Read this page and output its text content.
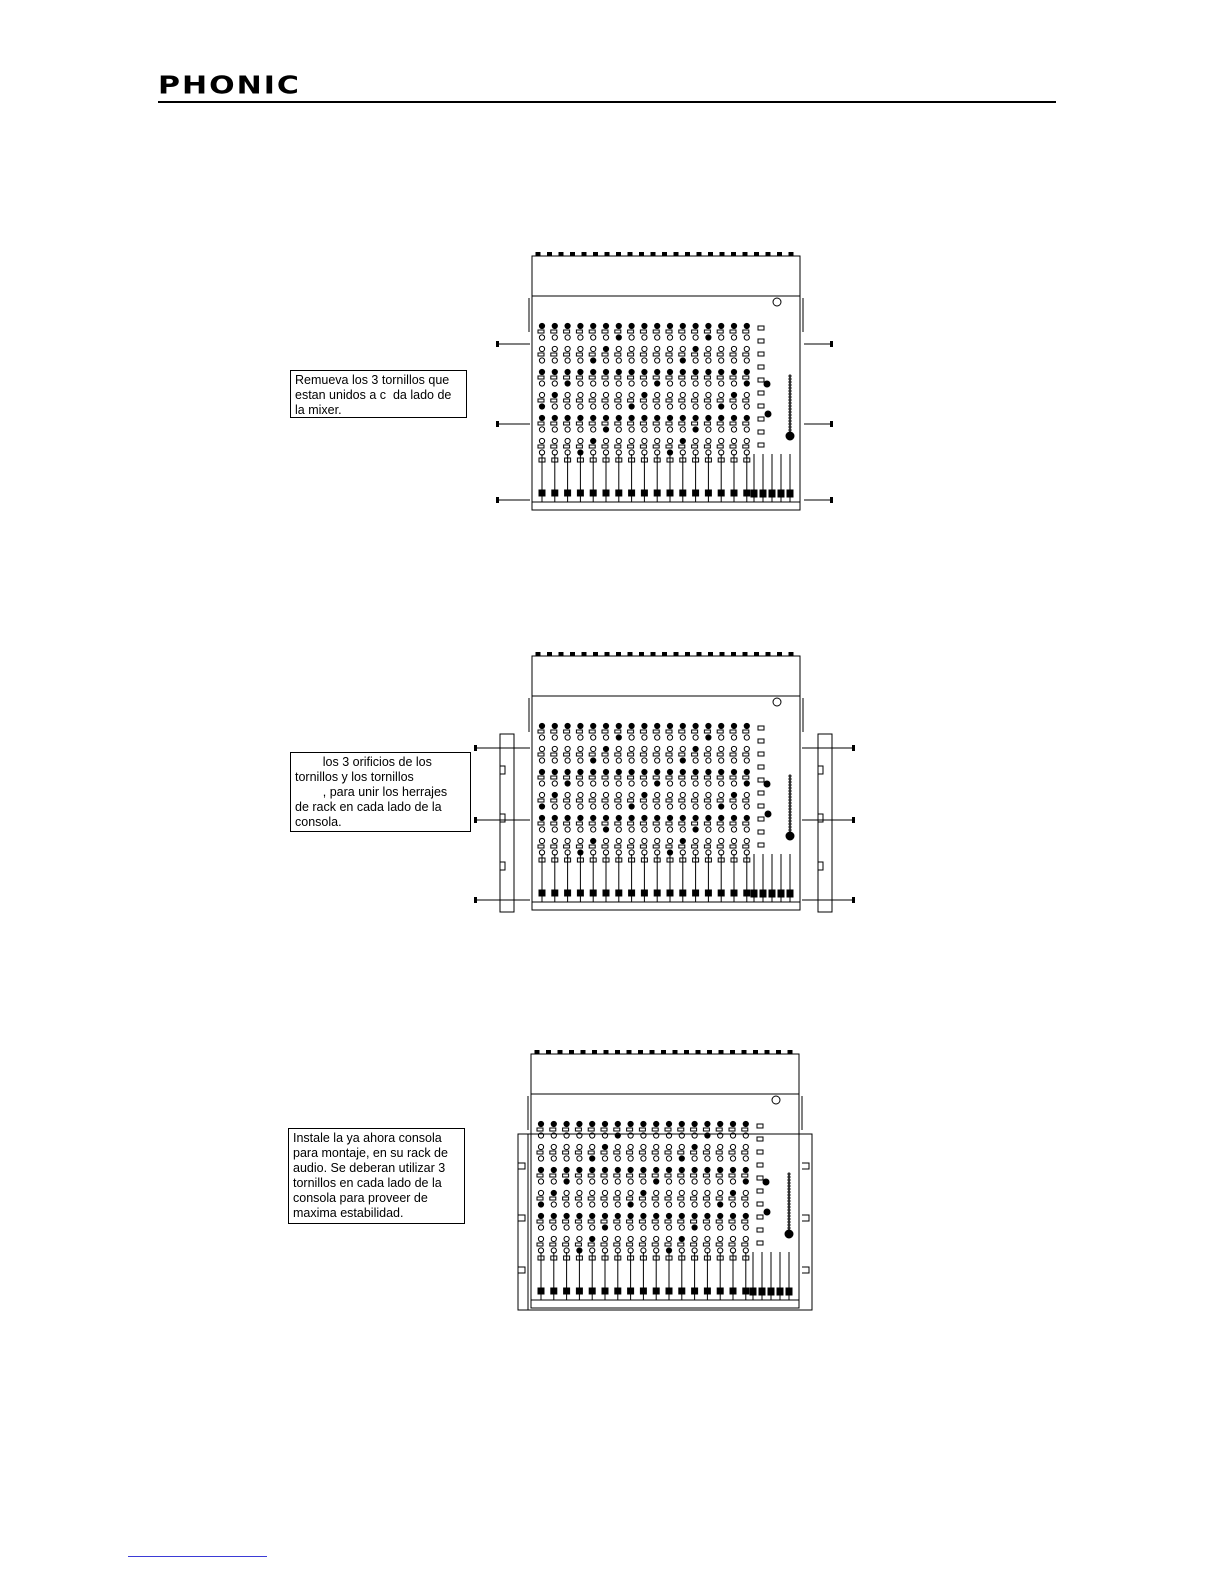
PHONIC
Remueva los 3 tornillos que
estan unidos a c  da lado de
la mixer.
los 3 orificios de los
tornillos y los tornillos
, para unir los herrajes
de rack en cada lado de la
consola.
Instale la ya ahora consola
para montaje, en su rack de
audio. Se deberan utilizar 3
tornillos en cada lado de la
consola para proveer de
maxima estabilidad.
